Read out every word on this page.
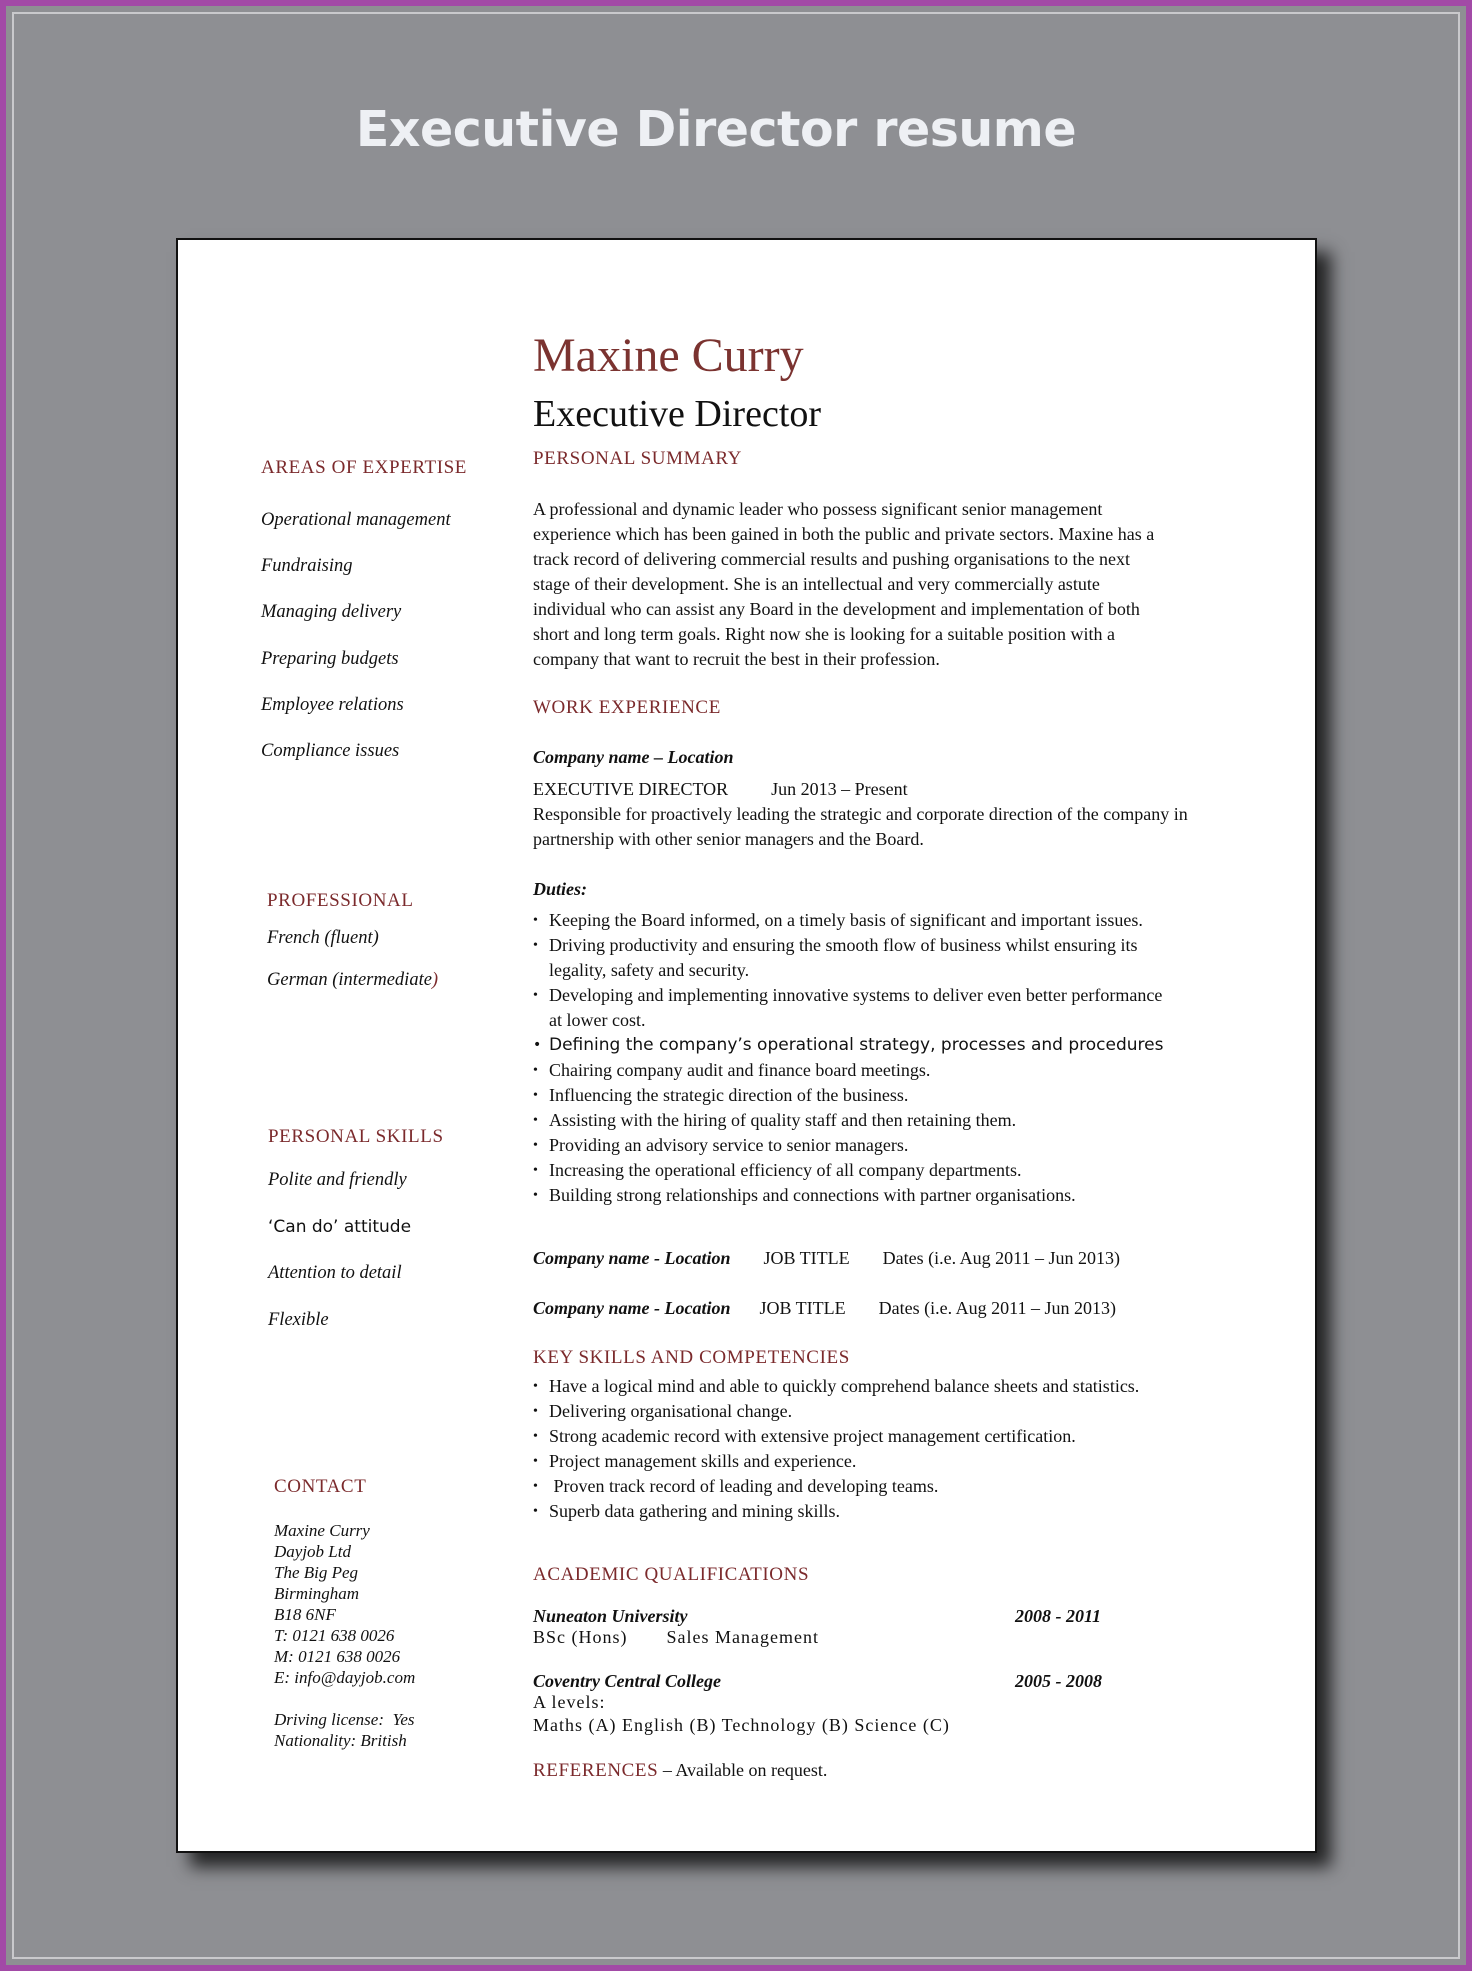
Executive Director resume
Maxine Curry
Executive Director
AREAS OF EXPERTISE
Operational management
Fundraising
Managing delivery
Preparing budgets
Employee relations
Compliance issues
PROFESSIONAL
French (fluent)
German (intermediate)
PERSONAL SKILLS
Polite and friendly
‘Can do’ attitude
Attention to detail
Flexible
CONTACT
Maxine Curry
Dayjob Ltd
The Big Peg
Birmingham
B18 6NF
T: 0121 638 0026
M: 0121 638 0026
E: info@dayjob.com
Driving license:  Yes
Nationality: British
PERSONAL SUMMARY
A professional and dynamic leader who possess significant senior management
experience which has been gained in both the public and private sectors. Maxine has a
track record of delivering commercial results and pushing organisations to the next
stage of their development. She is an intellectual and very commercially astute
individual who can assist any Board in the development and implementation of both
short and long term goals. Right now she is looking for a suitable position with a
company that want to recruit the best in their profession.
WORK EXPERIENCE
Company name – Location
EXECUTIVE DIRECTOR Jun 2013 – Present
Responsible for proactively leading the strategic and corporate direction of the company in
partnership with other senior managers and the Board.
Duties:
• Keeping the Board informed, on a timely basis of significant and important issues.
• Driving productivity and ensuring the smooth flow of business whilst ensuring its
legality, safety and security.
• Developing and implementing innovative systems to deliver even better performance
at lower cost.
• Defining the company’s operational strategy, processes and procedures
• Chairing company audit and finance board meetings.
• Influencing the strategic direction of the business.
• Assisting with the hiring of quality staff and then retaining them.
• Providing an advisory service to senior managers.
• Increasing the operational efficiency of all company departments.
• Building strong relationships and connections with partner organisations.
Company name - Location JOB TITLE Dates (i.e. Aug 2011 – Jun 2013)
Company name - Location JOB TITLE Dates (i.e. Aug 2011 – Jun 2013)
KEY SKILLS AND COMPETENCIES
• Have a logical mind and able to quickly comprehend balance sheets and statistics.
• Delivering organisational change.
• Strong academic record with extensive project management certification.
• Project management skills and experience.
•  Proven track record of leading and developing teams.
• Superb data gathering and mining skills.
ACADEMIC QUALIFICATIONS
Nuneaton University	2008 - 2011
BSc (Hons) Sales Management
Coventry Central College	2005 - 2008
A levels:
Maths (A) English (B) Technology (B) Science (C)
REFERENCES – Available on request.
